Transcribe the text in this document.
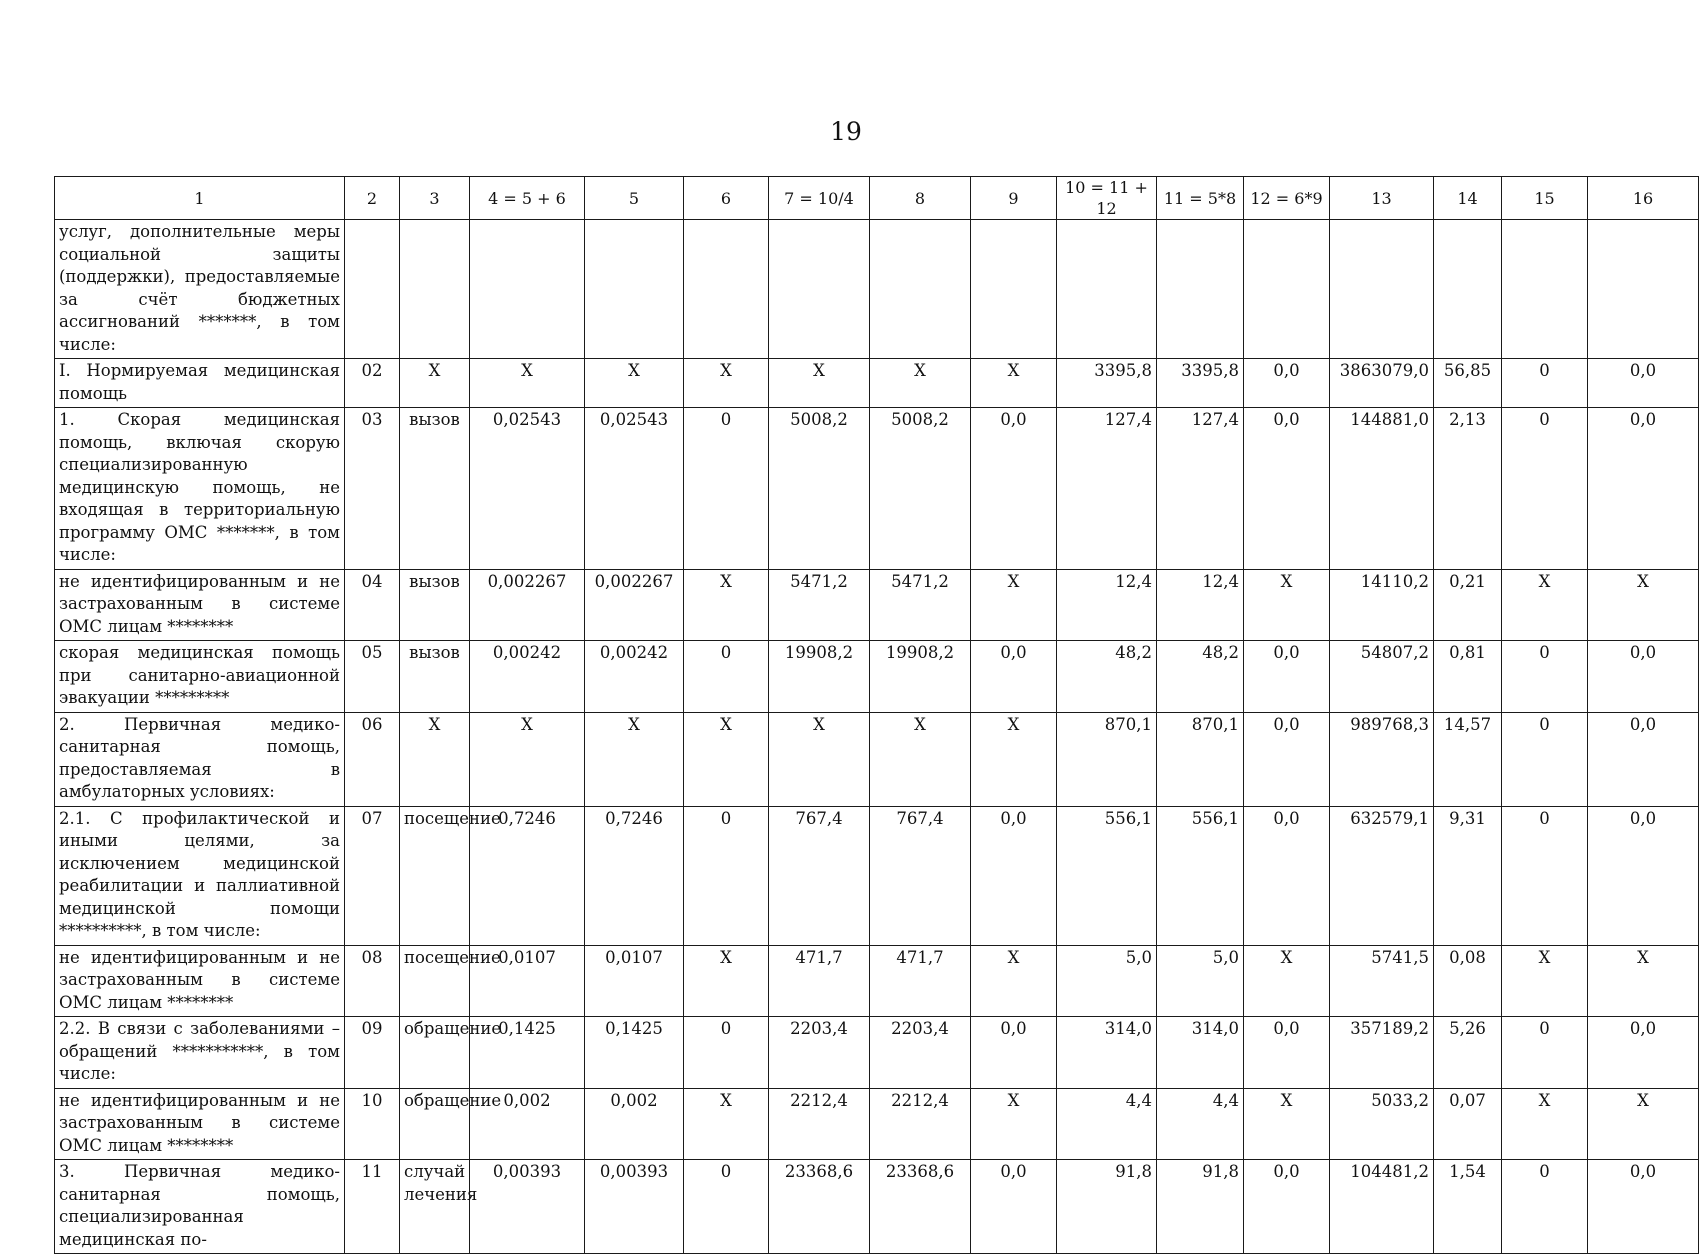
19
1	2	3	4 = 5 + 6	5	6	7 = 10/4	8	9	10 = 11 + 12	11 = 5*8	12 = 6*9	13	14	15	16
услуг, дополнительные меры социальной защиты (поддержки), предоставляемые за счёт бюджетных ассигнований *******, в том числе:															
I. Нормируемая медицинская помощь	02	Х	Х	Х	Х	Х	Х	Х	3395,8	3395,8	0,0	3863079,0	56,85	0	0,0
1. Скорая медицинская помощь, включая скорую специализированную медицинскую помощь, не входящая в территориальную программу ОМС *******, в том числе:	03	вызов	0,02543	0,02543	0	5008,2	5008,2	0,0	127,4	127,4	0,0	144881,0	2,13	0	0,0
не идентифицированным и не застрахованным в системе ОМС лицам ********	04	вызов	0,002267	0,002267	Х	5471,2	5471,2	Х	12,4	12,4	Х	14110,2	0,21	Х	Х
скорая медицинская помощь при санитарно-авиационной эвакуации *********	05	вызов	0,00242	0,00242	0	19908,2	19908,2	0,0	48,2	48,2	0,0	54807,2	0,81	0	0,0
2. Первичная медико-санитарная помощь, предоставляемая в амбулаторных условиях:	06	Х	Х	Х	Х	Х	Х	Х	870,1	870,1	0,0	989768,3	14,57	0	0,0
2.1. С профилактической и иными целями, за исключением медицинской реабилитации и паллиативной медицинской помощи **********, в том числе:	07	посещение	0,7246	0,7246	0	767,4	767,4	0,0	556,1	556,1	0,0	632579,1	9,31	0	0,0
не идентифицированным и не застрахованным в системе ОМС лицам ********	08	посещение	0,0107	0,0107	Х	471,7	471,7	Х	5,0	5,0	Х	5741,5	0,08	Х	Х
2.2. В связи с заболеваниями – обращений ***********, в том числе:	09	обращение	0,1425	0,1425	0	2203,4	2203,4	0,0	314,0	314,0	0,0	357189,2	5,26	0	0,0
не идентифицированным и не застрахованным в системе ОМС лицам ********	10	обращение	0,002	0,002	Х	2212,4	2212,4	Х	4,4	4,4	Х	5033,2	0,07	Х	Х
3. Первичная медико-санитарная помощь, специализированная медицинская по-	11	случай лечения	0,00393	0,00393	0	23368,6	23368,6	0,0	91,8	91,8	0,0	104481,2	1,54	0	0,0
